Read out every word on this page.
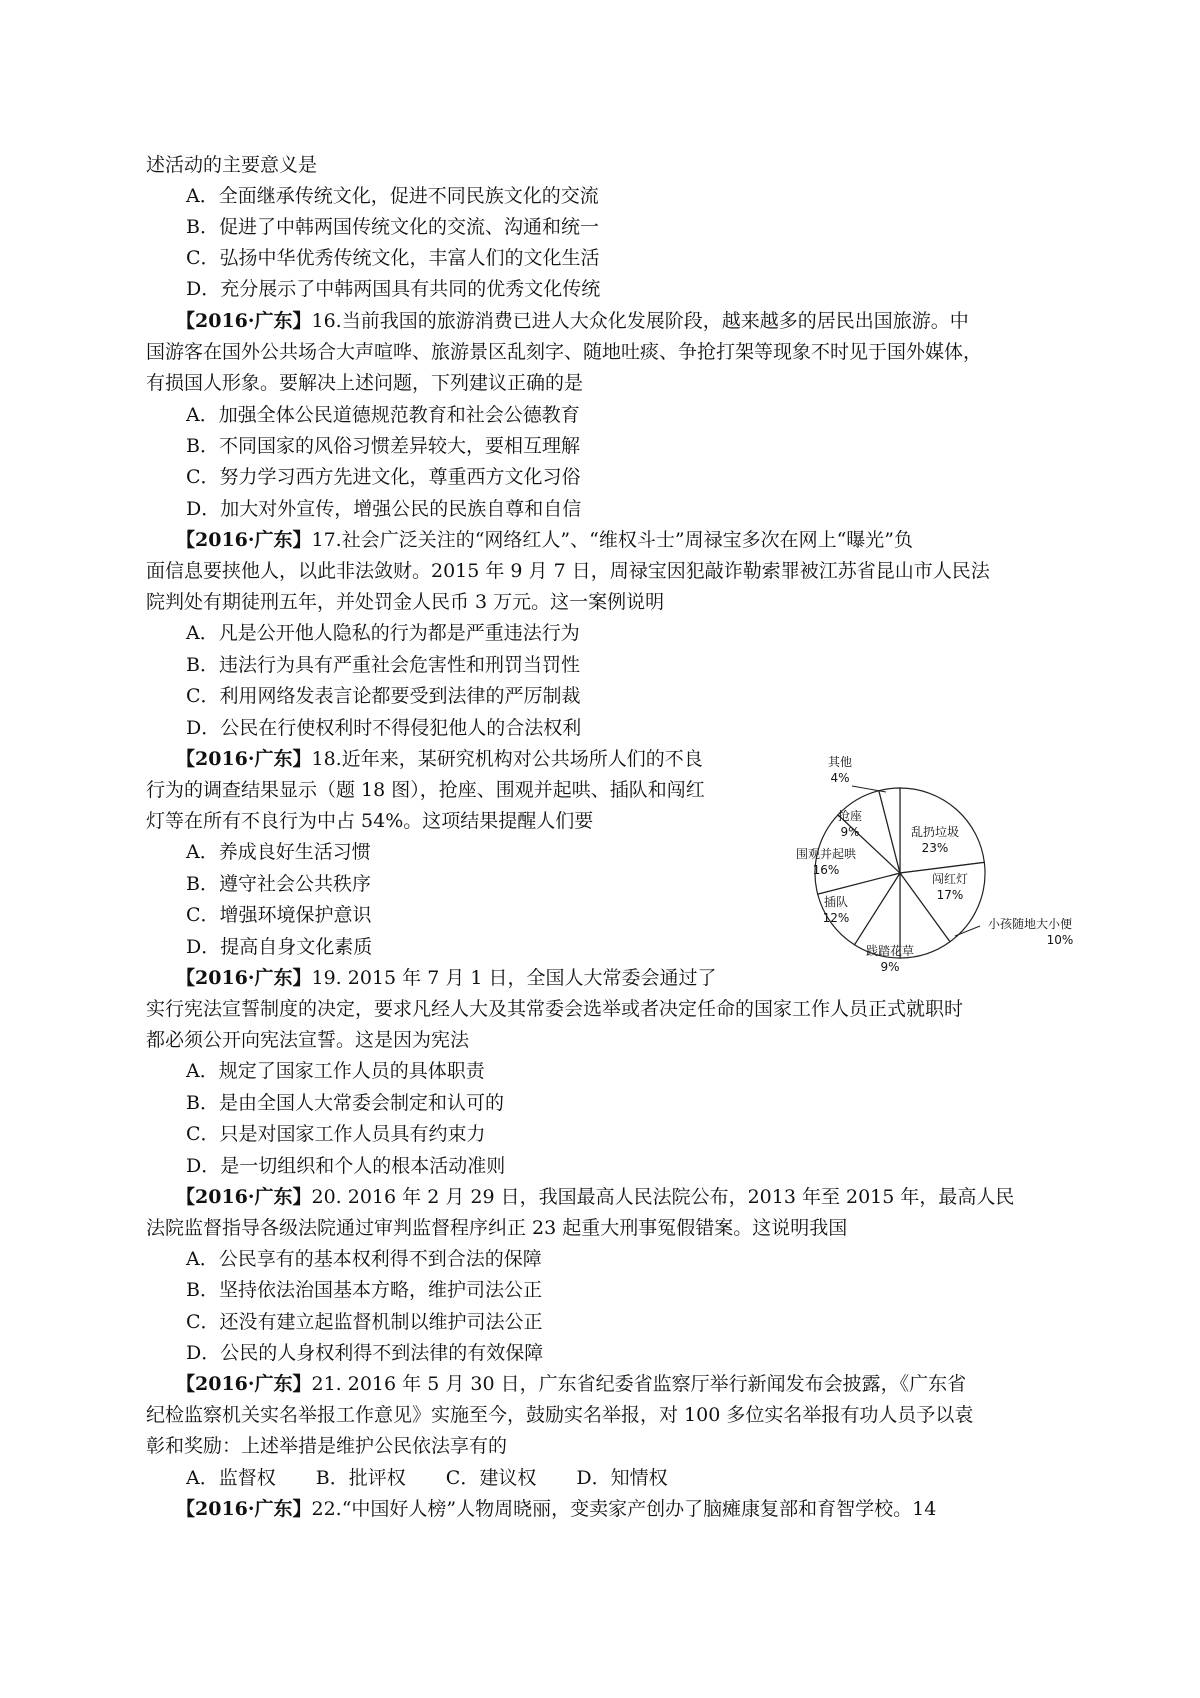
述活动的主要意义是
A．全面继承传统文化，促进不同民族文化的交流
B．促进了中韩两国传统文化的交流、沟通和统一
C．弘扬中华优秀传统文化，丰富人们的文化生活
D．充分展示了中韩两国具有共同的优秀文化传统
【2016·广东】16.当前我国的旅游消费已进人大众化发展阶段，越来越多的居民出国旅游。中
国游客在国外公共场合大声喧哗、旅游景区乱刻字、随地吐痰、争抢打架等现象不时见于国外媒体，
有损国人形象。要解决上述问题，下列建议正确的是
A．加强全体公民道德规范教育和社会公德教育
B．不同国家的风俗习惯差异较大，要相互理解
C．努力学习西方先进文化，尊重西方文化习俗
D．加大对外宣传，增强公民的民族自尊和自信
【2016·广东】17.社会广泛关注的“网络红人”、“维权斗士”周禄宝多次在网上“曝光”负
面信息要挟他人，以此非法敛财。2015 年 9 月 7 日，周禄宝因犯敲诈勒索罪被江苏省昆山市人民法
院判处有期徒刑五年，并处罚金人民币 3 万元。这一案例说明
A．凡是公开他人隐私的行为都是严重违法行为
B．违法行为具有严重社会危害性和刑罚当罚性
C．利用网络发表言论都要受到法律的严厉制裁
D．公民在行使权利时不得侵犯他人的合法权利
【2016·广东】18.近年来，某研究机构对公共场所人们的不良
行为的调查结果显示（题 18 图），抢座、围观并起哄、插队和闯红
灯等在所有不良行为中占 54%。这项结果提醒人们要
A．养成良好生活习惯
B．遵守社会公共秩序
C．增强环境保护意识
D．提高自身文化素质
乱扔垃圾
23%
闯红灯
17%
小孩随地大小便
10%
践踏花草
9%
插队
12%
围观并起哄
16%
抢座
9%
其他
4%
【2016·广东】19. 2015 年 7 月 1 日，全国人大常委会通过了
实行宪法宣誓制度的决定，要求凡经人大及其常委会选举或者决定任命的国家工作人员正式就职时
都必须公开向宪法宣誓。这是因为宪法
A．规定了国家工作人员的具体职责
B．是由全国人大常委会制定和认可的
C．只是对国家工作人员具有约束力
D．是一切组织和个人的根本活动准则
【2016·广东】20. 2016 年 2 月 29 日，我国最高人民法院公布，2013 年至 2015 年，最高人民
法院监督指导各级法院通过审判监督程序纠正 23 起重大刑事冤假错案。这说明我国
A．公民享有的基本权利得不到合法的保障
B．坚持依法治国基本方略，维护司法公正
C．还没有建立起监督机制以维护司法公正
D．公民的人身权利得不到法律的有效保障
【2016·广东】21. 2016 年 5 月 30 日，广东省纪委省监察厅举行新闻发布会披露，《广东省
纪检监察机关实名举报工作意见》实施至今，鼓励实名举报，对 100 多位实名举报有功人员予以袁
彰和奖励：上述举措是维护公民依法享有的
A．监督权 B．批评权 C．建议权 D．知情权
【2016·广东】22.“中国好人榜”人物周晓丽，变卖家产创办了脑瘫康复部和育智学校。14
